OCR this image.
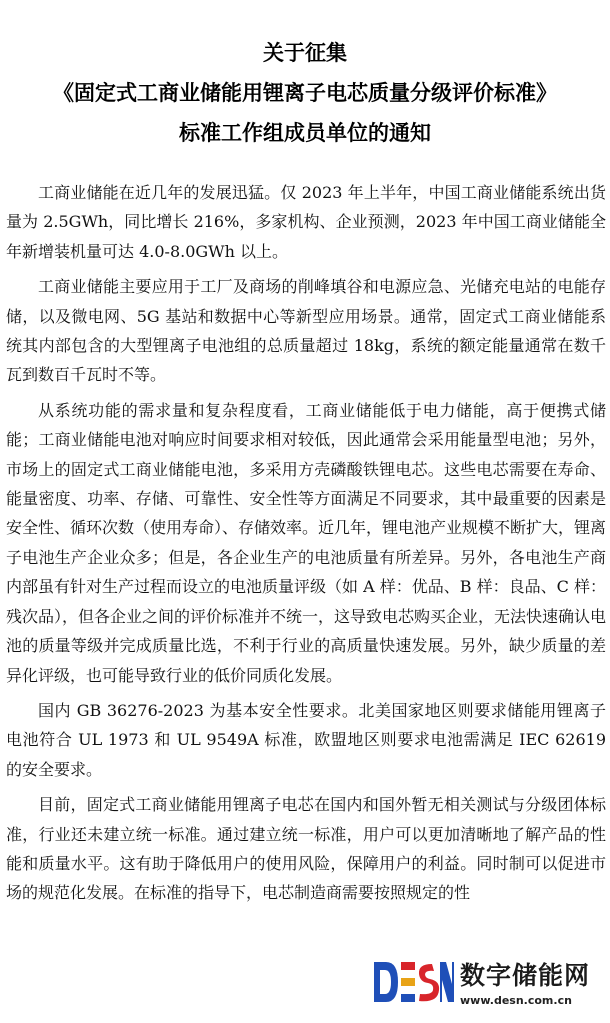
关于征集
《固定式工商业储能用锂离子电芯质量分级评价标准》
标准工作组成员单位的通知

工商业储能在近几年的发展迅猛。仅 2023 年上半年，中国工商业储能系统出货量为 2.5GWh，同比增长 216%，多家机构、企业预测，2023 年中国工商业储能全年新增装机量可达 4.0-8.0GWh 以上。

工商业储能主要应用于工厂及商场的削峰填谷和电源应急、光储充电站的电能存储，以及微电网、5G 基站和数据中心等新型应用场景。通常，固定式工商业储能系统其内部包含的大型锂离子电池组的总质量超过 18kg，系统的额定能量通常在数千瓦到数百千瓦时不等。

从系统功能的需求量和复杂程度看，工商业储能低于电力储能，高于便携式储能；工商业储能电池对响应时间要求相对较低，因此通常会采用能量型电池；另外，市场上的固定式工商业储能电池，多采用方壳磷酸铁锂电芯。这些电芯需要在寿命、能量密度、功率、存储、可靠性、安全性等方面满足不同要求，其中最重要的因素是安全性、循环次数（使用寿命）、存储效率。近几年，锂电池产业规模不断扩大，锂离子电池生产企业众多；但是，各企业生产的电池质量有所差异。另外，各电池生产商内部虽有针对生产过程而设立的电池质量评级（如 A 样：优品、B 样：良品、C 样：残次品），但各企业之间的评价标准并不统一，这导致电芯购买企业，无法快速确认电池的质量等级并完成质量比选，不利于行业的高质量快速发展。另外，缺少质量的差异化评级，也可能导致行业的低价同质化发展。

国内 GB 36276-2023 为基本安全性要求。北美国家地区则要求储能用锂离子电池符合 UL 1973 和 UL 9549A 标准，欧盟地区则要求电池需满足 IEC 62619 的安全要求。

目前，固定式工商业储能用锂离子电芯在国内和国外暂无相关测试与分级团体标准，行业还未建立统一标准。通过建立统一标准，用户可以更加清晰地了解产品的性能和质量水平。这有助于降低用户的使用风险，保障用户的利益。同时制可以促进市场的规范化发展。在标准的指导下，电芯制造商需要按照规定的性

数字储能网
www.desn.com.cn
